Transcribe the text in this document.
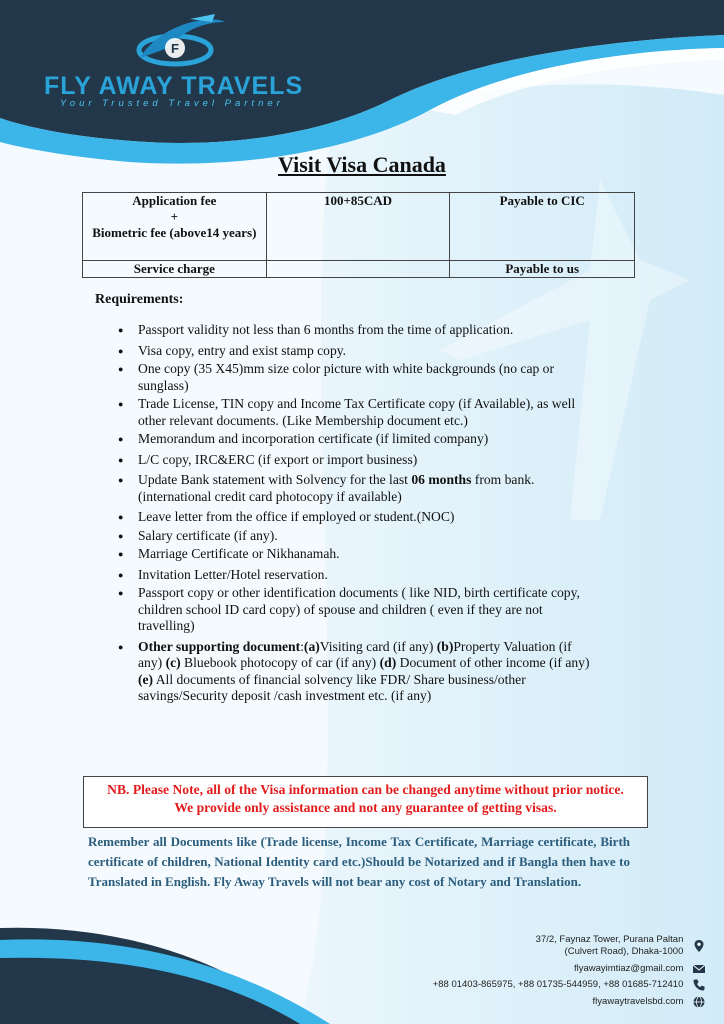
F
FLY AWAY TRAVELS
Your Trusted Travel Partner
Visit Visa Canada
Application fee
+
Biometric fee (above14 years)	100+85CAD	Payable to CIC
Service charge		Payable to us
Requirements:
● Passport validity not less than 6 months from the time of application.
● Visa copy, entry and exist stamp copy.
● One copy (35 X45)mm size color picture with white backgrounds (no cap or sunglass)
● Trade License, TIN copy and Income Tax Certificate copy (if Available), as well other relevant documents. (Like Membership document etc.)
● Memorandum and incorporation certificate (if limited company)
● L/C copy, IRC&ERC (if export or import business)
● Update Bank statement with Solvency for the last 06 months from bank.(international credit card photocopy if available)
● Leave letter from the office if employed or student.(NOC)
● Salary certificate (if any).
● Marriage Certificate or Nikhanamah.
● Invitation Letter/Hotel reservation.
● Passport copy or other identification documents ( like NID, birth certificate copy, children school ID card copy) of spouse and children ( even if they are not travelling)
● Other supporting document:(a)Visiting card (if any) (b)Property Valuation (if any) (c) Bluebook photocopy of car (if any) (d) Document of other income (if any) (e) All documents of financial solvency like FDR/ Share business/other savings/Security deposit /cash investment etc. (if any)
NB. Please Note, all of the Visa information can be changed anytime without prior notice.
We provide only assistance and not any guarantee of getting visas.
Remember all Documents like (Trade license, Income Tax Certificate, Marriage certificate, Birth certificate of children, National Identity card etc.)Should be Notarized and if Bangla then have to Translated in English. Fly Away Travels will not bear any cost of Notary and Translation.
37/2, Faynaz Tower, Purana Paltan
(Culvert Road), Dhaka-1000

flyawayimtiaz@gmail.com
+88 01403-865975, +88 01735-544959, +88 01685-712410
flyawaytravelsbd.com
